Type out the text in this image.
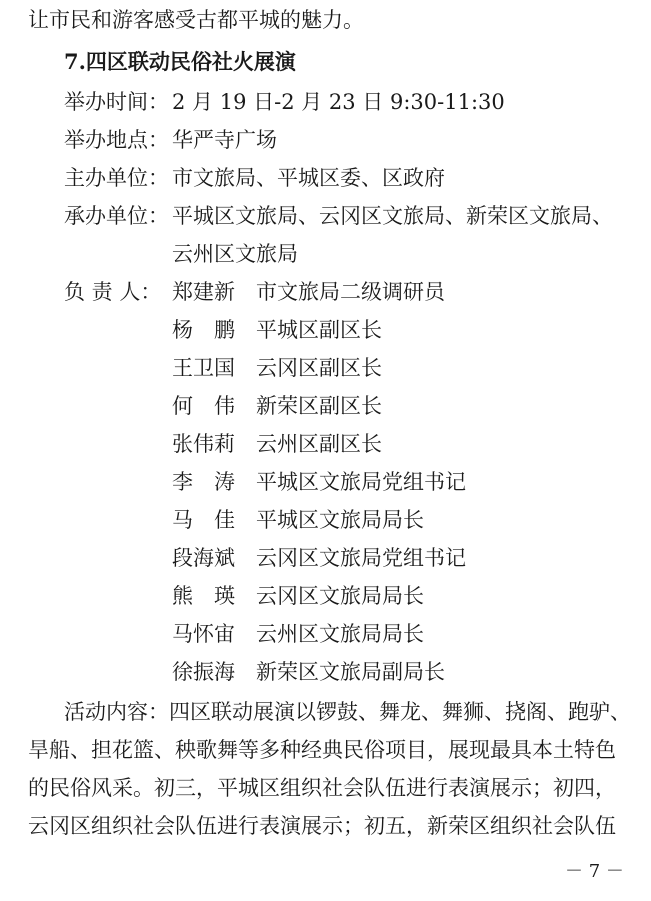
让市民和游客感受古都平城的魅力。
7.四区联动民俗社火展演
举办时间： 2 月 19 日-2 月 23 日 9:30-11:30
举办地点： 华严寺广场
主办单位： 市文旅局、平城区委、区政府
承办单位： 平城区文旅局、云冈区文旅局、新荣区文旅局、
云州区文旅局
负 责 人： 郑建新 市文旅局二级调研员
杨　鹏 平城区副区长
王卫国 云冈区副区长
何　伟 新荣区副区长
张伟莉 云州区副区长
李　涛 平城区文旅局党组书记
马　佳 平城区文旅局局长
段海斌 云冈区文旅局党组书记
熊　瑛 云冈区文旅局局长
马怀宙 云州区文旅局局长
徐振海 新荣区文旅局副局长
活动内容：四区联动展演以锣鼓、舞龙、舞狮、挠阁、跑驴、
旱船、担花篮、秧歌舞等多种经典民俗项目，展现最具本土特色
的民俗风采。初三，平城区组织社会队伍进行表演展示；初四，
云冈区组织社会队伍进行表演展示；初五，新荣区组织社会队伍
－ 7 －
